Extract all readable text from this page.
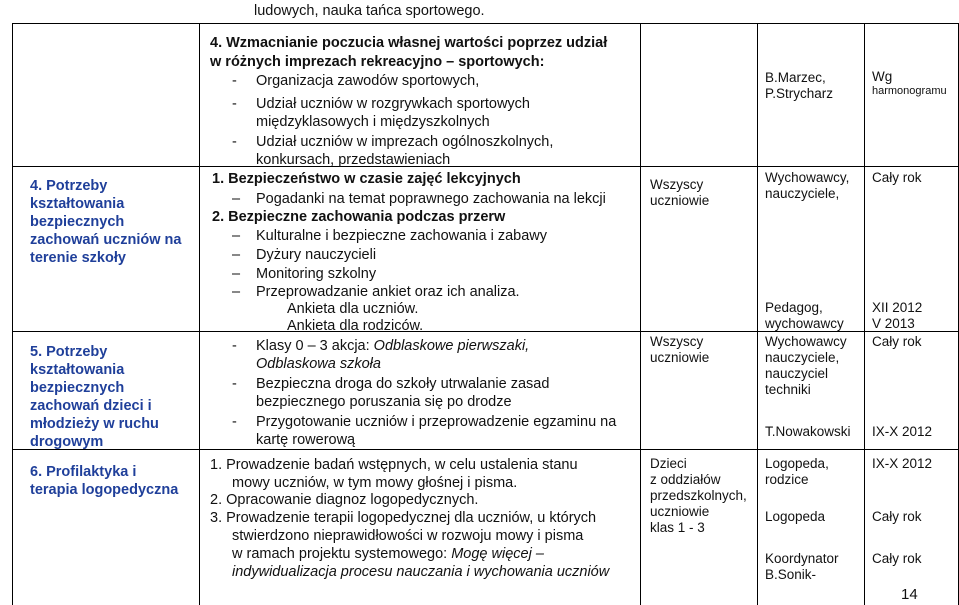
ludowych, nauka tańca sportowego.
4. Wzmacnianie poczucia własnej wartości poprzez udział
w różnych imprezach rekreacyjno – sportowych:
- Organizacja zawodów sportowych,
- Udział uczniów w rozgrywkach sportowych
międzyklasowych i międzyszkolnych
- Udział uczniów w imprezach ogólnoszkolnych,
konkursach, przedstawieniach
B.Marzec,
P.Strycharz
Wg
harmonogramu
4. Potrzeby kształtowania bezpiecznych zachowań uczniów na terenie szkoły
1. Bezpieczeństwo w czasie zajęć lekcyjnych
– Pogadanki na temat poprawnego zachowania na lekcji
2. Bezpieczne zachowania podczas przerw
– Kulturalne i bezpieczne zachowania i zabawy
– Dyżury nauczycieli
– Monitoring szkolny
– Przeprowadzanie ankiet oraz ich analiza.
Ankieta dla uczniów.
Ankieta dla rodziców.
Wszyscy
uczniowie
Wychowawcy,
nauczyciele,
Pedagog,
wychowawcy
Cały rok
XII 2012
V 2013
5. Potrzeby kształtowania bezpiecznych zachowań dzieci i młodzieży w ruchu drogowym
- Klasy 0 – 3 akcja: Odblaskowe pierwszaki,
Odblaskowa szkoła
- Bezpieczna droga do szkoły utrwalanie zasad
bezpiecznego poruszania się po drodze
- Przygotowanie uczniów i przeprowadzenie egzaminu na
kartę rowerową
Wszyscy
uczniowie
Wychowawcy
nauczyciele,
nauczyciel
techniki
T.Nowakowski
Cały rok
IX-X 2012
6. Profilaktyka i terapia logopedyczna
1. Prowadzenie badań wstępnych, w celu ustalenia stanu
mowy uczniów, w tym mowy głośnej i pisma.
2. Opracowanie diagnoz logopedycznych.
3. Prowadzenie terapii logopedycznej dla uczniów, u których
stwierdzono nieprawidłowości w rozwoju mowy i pisma
w ramach projektu systemowego: Mogę więcej –
indywidualizacja procesu nauczania i wychowania uczniów
Dzieci
z oddziałów
przedszkolnych,
uczniowie
klas 1 - 3
Logopeda,
rodzice
Logopeda
Koordynator
B.Sonik-
IX-X 2012
Cały rok
Cały rok
14
